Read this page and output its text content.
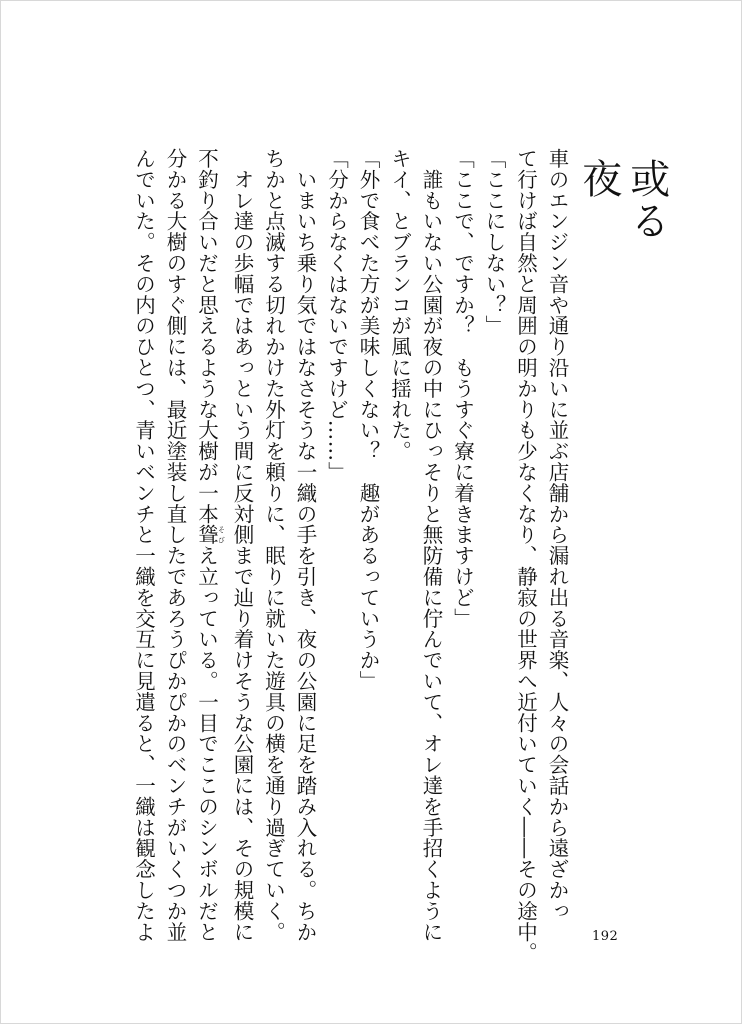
或る夜

車のエンジン音や通り沿いに並ぶ店舗から漏れ出る音楽、人々の会話から遠ざかっ

て行けば自然と周囲の明かりも少なくなり、静寂の世界へ近付いていく――その途中。

「ここにしない？」

「ここで、ですか？　もうすぐ寮に着きますけど」

　誰もいない公園が夜の中にひっそりと無防備に佇んでいて、オレ達を手招くように

キイ、とブランコが風に揺れた。

「外で食べた方が美味しくない？　趣があるっていうか」

「分からなくはないですけど……」

　いまいち乗り気ではなさそうな一織の手を引き、夜の公園に足を踏み入れる。ちか

ちかと点滅する切れかけた外灯を頼りに、眠りに就いた遊具の横を通り過ぎていく。

　オレ達の歩幅ではあっという間に反対側まで辿り着けそうな公園には、その規模に

不釣り合いだと思えるような大樹が一本聳 そびえ立っている。一目でここのシンボルだと

分かる大樹のすぐ側には、最近塗装し直したであろうぴかぴかのベンチがいくつか並

んでいた。その内のひとつ、青いベンチと一織を交互に見遣ると、一織は観念したよ	192
